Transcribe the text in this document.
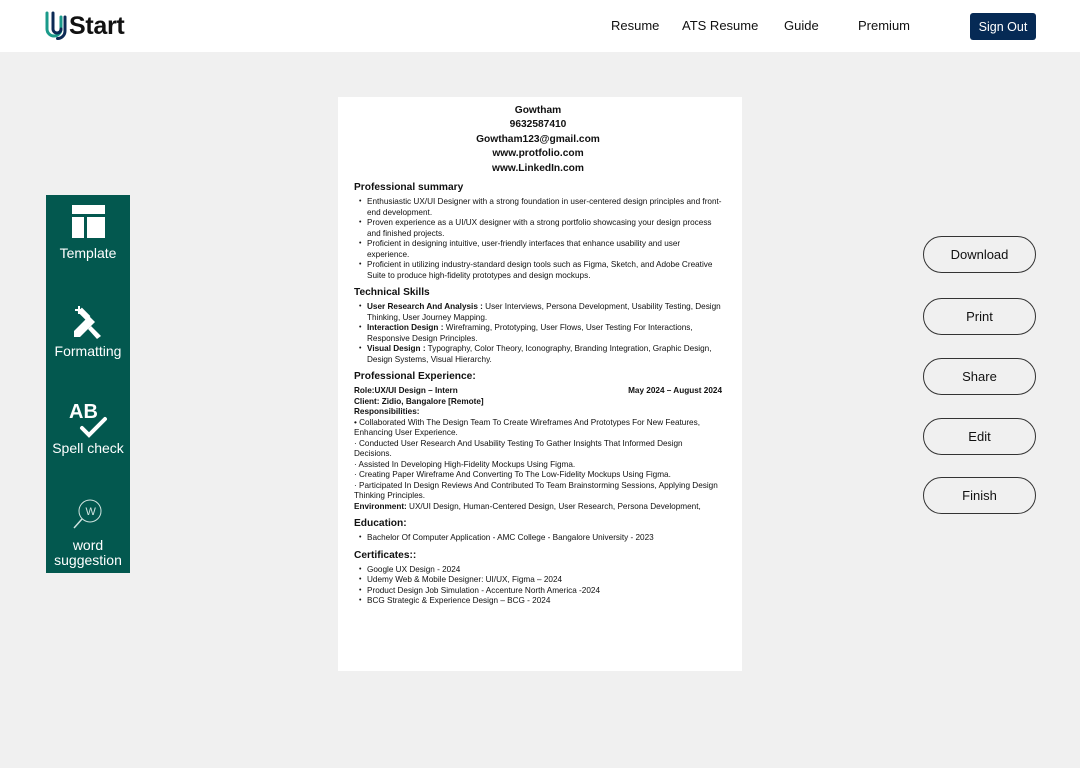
Start	Resume ATS Resume Guide	Premium	Sign Out
Template
Formatting
AB
Spell check
W
word
suggestion
Gowtham
9632587410
Gowtham123@gmail.com
www.protfolio.com
www.LinkedIn.com
Professional summary
• Enthusiastic UX/UI Designer with a strong foundation in user-centered design principles and front-end development.
• Proven experience as a UI/UX designer with a strong portfolio showcasing your design process and finished projects.
• Proficient in designing intuitive, user-friendly interfaces that enhance usability and user experience.
• Proficient in utilizing industry-standard design tools such as Figma, Sketch, and Adobe Creative Suite to produce high-fidelity prototypes and design mockups.
Technical Skills
• User Research And Analysis : User Interviews, Persona Development, Usability Testing, Design Thinking, User Journey Mapping.
• Interaction Design : Wireframing, Prototyping, User Flows, User Testing For Interactions, Responsive Design Principles.
• Visual Design : Typography, Color Theory, Iconography, Branding Integration, Graphic Design, Design Systems, Visual Hierarchy.
Professional Experience:
Role:UX/UI Design – Intern	May 2024 – August 2024
Client: Zidio, Bangalore [Remote]
Responsibilities:
• Collaborated With The Design Team To Create Wireframes And Prototypes For New Features, Enhancing User Experience.
· Conducted User Research And Usability Testing To Gather Insights That Informed Design Decisions.
· Assisted In Developing High-Fidelity Mockups Using Figma.
· Creating Paper Wireframe And Converting To The Low-Fidelity Mockups Using Figma.
· Participated In Design Reviews And Contributed To Team Brainstorming Sessions, Applying Design Thinking Principles.
Environment: UX/UI Design, Human-Centered Design, User Research, Persona Development,
Education:
• Bachelor Of Computer Application - AMC College - Bangalore University - 2023
Certificates::
• Google UX Design - 2024
• Udemy Web & Mobile Designer: UI/UX, Figma – 2024
• Product Design Job Simulation - Accenture North America -2024
• BCG Strategic & Experience Design – BCG - 2024
Download
Print
Share
Edit
Finish
